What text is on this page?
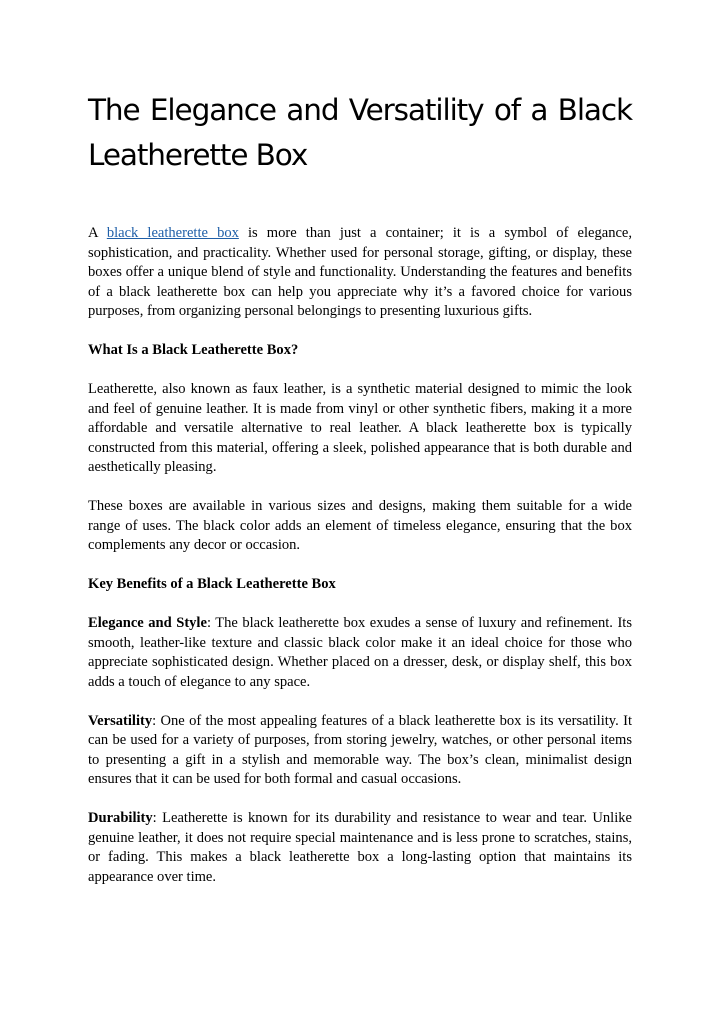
The Elegance and Versatility of a Black
Leatherette Box

A black leatherette box is more than just a container; it is a symbol of elegance, sophistication, and practicality. Whether used for personal storage, gifting, or display, these boxes offer a unique blend of style and functionality. Understanding the features and benefits of a black leatherette box can help you appreciate why it’s a favored choice for various purposes, from organizing personal belongings to presenting luxurious gifts.

What Is a Black Leatherette Box?

Leatherette, also known as faux leather, is a synthetic material designed to mimic the look and feel of genuine leather. It is made from vinyl or other synthetic fibers, making it a more affordable and versatile alternative to real leather. A black leatherette box is typically constructed from this material, offering a sleek, polished appearance that is both durable and aesthetically pleasing.

These boxes are available in various sizes and designs, making them suitable for a wide range of uses. The black color adds an element of timeless elegance, ensuring that the box complements any decor or occasion.

Key Benefits of a Black Leatherette Box

Elegance and Style: The black leatherette box exudes a sense of luxury and refinement. Its smooth, leather-like texture and classic black color make it an ideal choice for those who appreciate sophisticated design. Whether placed on a dresser, desk, or display shelf, this box adds a touch of elegance to any space.

Versatility: One of the most appealing features of a black leatherette box is its versatility. It can be used for a variety of purposes, from storing jewelry, watches, or other personal items to presenting a gift in a stylish and memorable way. The box’s clean, minimalist design ensures that it can be used for both formal and casual occasions.

Durability: Leatherette is known for its durability and resistance to wear and tear. Unlike genuine leather, it does not require special maintenance and is less prone to scratches, stains, or fading. This makes a black leatherette box a long-lasting option that maintains its appearance over time.
